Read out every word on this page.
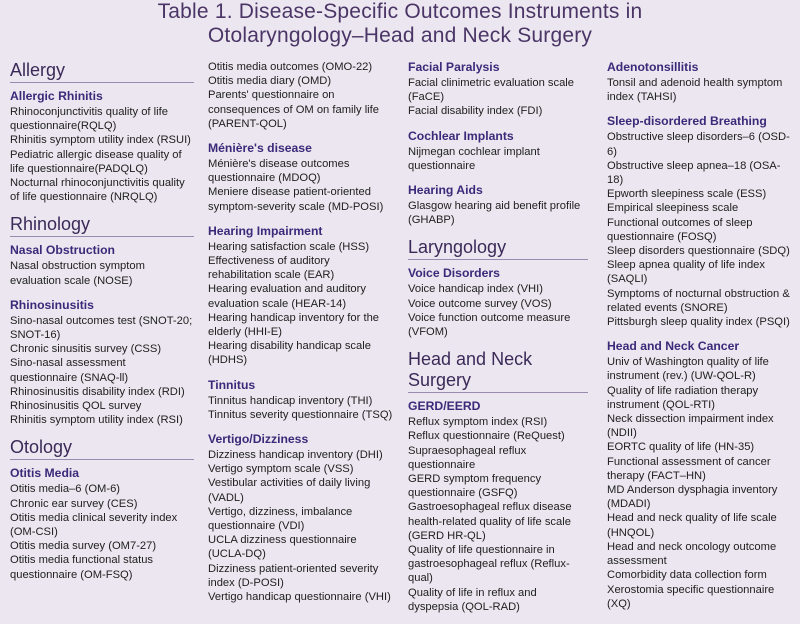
Table 1. Disease-Specific Outcomes Instruments in
Otolaryngology–Head and Neck Surgery
Allergy
Allergic Rhinitis
Rhinoconjunctivitis quality of life questionnaire(RQLQ)
Rhinitis symptom utility index (RSUI)
Pediatric allergic disease quality of life questionnaire(PADQLQ)
Nocturnal rhinoconjunctivitis quality of life questionnaire (NRQLQ)
Rhinology
Nasal Obstruction
Nasal obstruction symptom evaluation scale (NOSE)
Rhinosinusitis
Sino-nasal outcomes test (SNOT-20; SNOT-16)
Chronic sinusitis survey (CSS)
Sino-nasal assessment questionnaire (SNAQ-ll)
Rhinosinusitis disability index (RDI)
Rhinosinusitis QOL survey
Rhinitis symptom utility index (RSI)
Otology
Otitis Media
Otitis media–6 (OM-6)
Chronic ear survey (CES)
Otitis media clinical severity index (OM-CSI)
Otitis media survey (OM7-27)
Otitis media functional status questionnaire (OM-FSQ)
Otitis media outcomes (OMO-22)
Otitis media diary (OMD)
Parents' questionnaire on consequences of OM on family life (PARENT-QOL)
Ménière's disease
Ménière's disease outcomes questionnaire (MDOQ)
Meniere disease patient-oriented symptom-severity scale (MD-POSI)
Hearing Impairment
Hearing satisfaction scale (HSS)
Effectiveness of auditory rehabilitation scale (EAR)
Hearing evaluation and auditory evaluation scale (HEAR-14)
Hearing handicap inventory for the elderly (HHI-E)
Hearing disability handicap scale (HDHS)
Tinnitus
Tinnitus handicap inventory (THI)
Tinnitus severity questionnaire (TSQ)
Vertigo/Dizziness
Dizziness handicap inventory (DHI)
Vertigo symptom scale (VSS)
Vestibular activities of daily living (VADL)
Vertigo, dizziness, imbalance questionnaire (VDI)
UCLA dizziness questionnaire (UCLA-DQ)
Dizziness patient-oriented severity index (D-POSI)
Vertigo handicap questionnaire (VHI)
Facial Paralysis
Facial clinimetric evaluation scale (FaCE)
Facial disability index (FDI)
Cochlear Implants
Nijmegan cochlear implant questionnaire
Hearing Aids
Glasgow hearing aid benefit profile (GHABP)
Laryngology
Voice Disorders
Voice handicap index (VHI)
Voice outcome survey (VOS)
Voice function outcome measure (VFOM)
Head and Neck Surgery
GERD/EERD
Reflux symptom index (RSI)
Reflux questionnaire (ReQuest)
Supraesophageal reflux questionnaire
GERD symptom frequency questionnaire (GSFQ)
Gastroesophageal reflux disease health-related quality of life scale (GERD HR-QL)
Quality of life questionnaire in gastroesophageal reflux (Reflux-qual)
Quality of life in reflux and dyspepsia (QOL-RAD)
Adenotonsillitis
Tonsil and adenoid health symptom index (TAHSI)
Sleep-disordered Breathing
Obstructive sleep disorders–6 (OSD-6)
Obstructive sleep apnea–18 (OSA-18)
Epworth sleepiness scale (ESS)
Empirical sleepiness scale
Functional outcomes of sleep questionnaire (FOSQ)
Sleep disorders questionnaire (SDQ)
Sleep apnea quality of life index (SAQLI)
Symptoms of nocturnal obstruction & related events (SNORE)
Pittsburgh sleep quality index (PSQI)
Head and Neck Cancer
Univ of Washington quality of life instrument (rev.) (UW-QOL-R)
Quality of life radiation therapy instrument (QOL-RTI)
Neck dissection impairment index (NDII)
EORTC quality of life (HN-35)
Functional assessment of cancer therapy (FACT–HN)
MD Anderson dysphagia inventory (MDADI)
Head and neck quality of life scale (HNQOL)
Head and neck oncology outcome assessment
Comorbidity data collection form
Xerostomia specific questionnaire (XQ)
